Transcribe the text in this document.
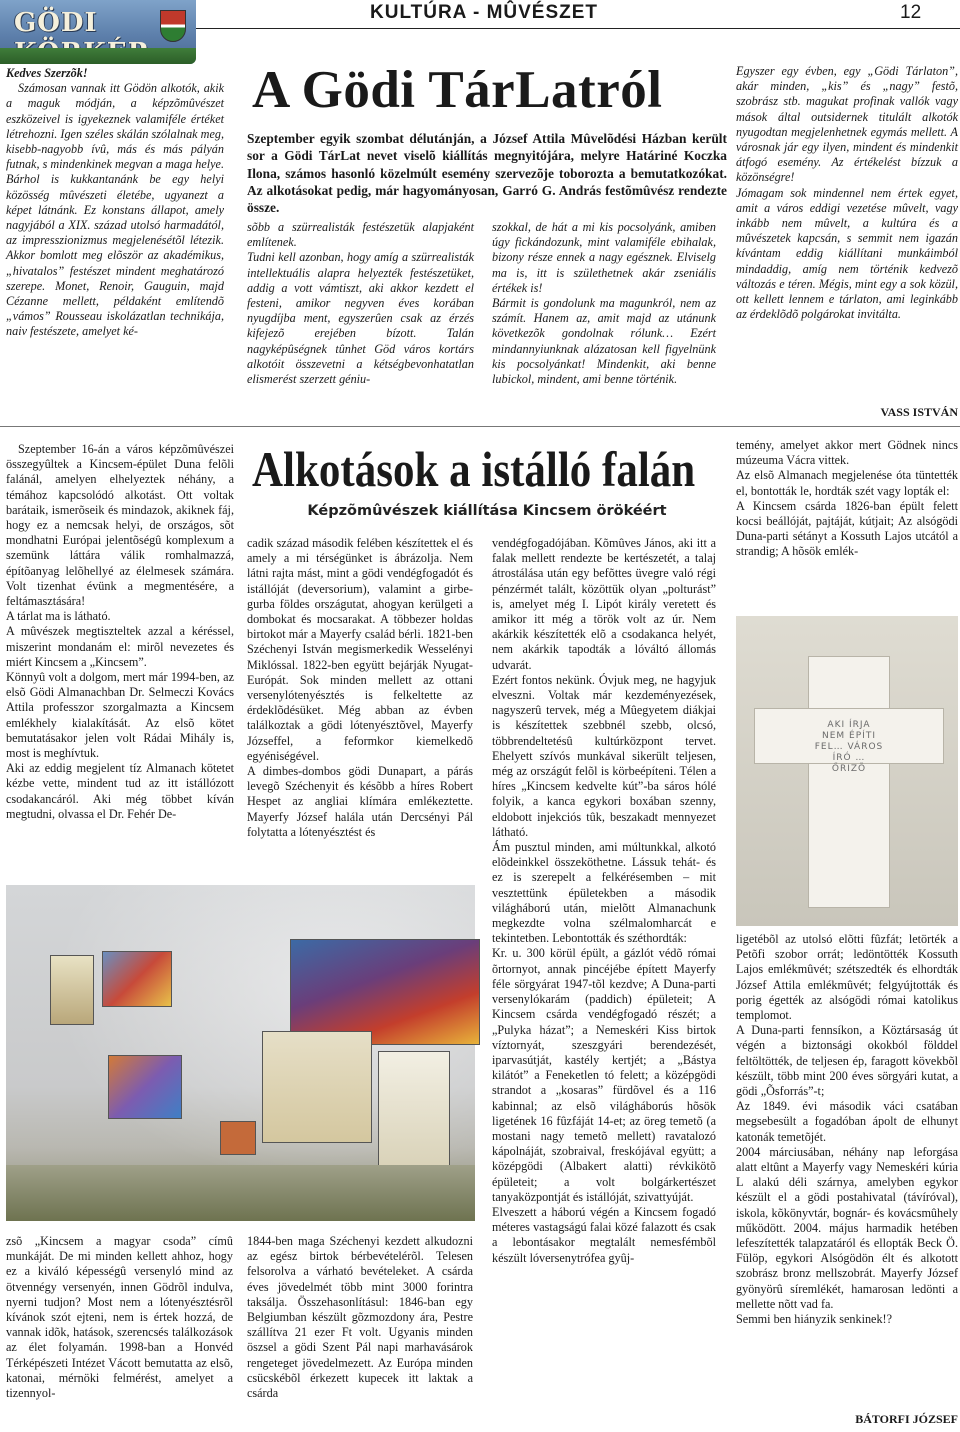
GÖDI	KULTÚRA - MÛVÉSZET	12

Kedves Szerzõk!

Számosan vannak itt Gödön alkotók, akik a maguk módján, a képzõmûvészet eszközeivel is igyekeznek valamiféle értéket létrehozni. Igen széles skálán szólalnak meg, kisebb-nagyobb ívû, más és más pályán futnak, s mindenkinek megvan a maga helye. Bárhol is kukkantanánk be egy helyi közösség mûvészeti életébe, ugyanezt a képet látnánk. Ez konstans állapot, amely nagyjából a XIX. század utolsó harmadától, az impresszionizmus megjelenésétõl létezik. Akkor bomlott meg elõször az akadémikus, „hivatalos” festészet mindent meghatározó szerepe. Monet, Renoir, Gauguin, majd Cézanne mellett, példaként említendõ „vámos” Rousseau iskolázatlan technikája, naiv festészete, amelyet ké-

A Gödi TárLatról
Szeptember egyik szombat délutánján, a József Attila Mûvelõdési Házban került sor a Gödi TárLat nevet viselõ kiállítás megnyitójára, melyre Határiné Koczka Ilona, számos hasonló közelmúlt esemény szervezõje toborozta a bemutatkozókat. Az alkotásokat pedig, már hagyományosan, Garró G. András festõmûvész rendezte össze.

sõbb a szürrealisták festészetük alapjaként említenek.
Tudni kell azonban, hogy amíg a szürrealisták intellektuális alapra helyezték festészetüket, addig a vott vámtiszt, aki akkor kezdett el festeni, amikor negyven éves korában nyugdíjba ment, egyszerûen csak az érzés kifejezõ erejében bízott. Talán nagyképûségnek tûnhet Göd város kortárs alkotóit összevetni a kétségbevonhatatlan elismerést szerzett géniu-

szokkal, de hát a mi kis pocsolyánk, amiben úgy fickándozunk, mint valamiféle ebihalak, bizony része ennek a nagy egésznek. Elviselg ma is, itt is születhetnek akár zseniális értékek is!
Bármit is gondolunk ma magunkról, nem az számít. Hanem az, amit majd az utánunk következõk gondolnak rólunk… Ezért mindannyiunknak alázatosan kell figyelnünk kis pocsolyánkat! Mindenkit, aki benne lubickol, mindent, ami benne történik.

Egyszer egy évben, egy „Gödi Tárlaton”, akár minden, „kis” és „nagy” festõ, szobrász stb. magukat profinak vallók vagy mások által outsidernek titulált alkotók nyugodtan megjelenhetnek egymás mellett. A városnak jár egy ilyen, mindent és mindenkit átfogó esemény. Az értékelést bízzuk a közönségre!
Jómagam sok mindennel nem értek egyet, amit a város eddigi vezetése mûvelt, vagy inkább nem mûvelt, a kultúra és a mûvészetek kapcsán, s semmit nem igazán kívántam eddig kiállítani munkáimból mindaddig, amíg nem történik kedvezõ változás e téren. Mégis, mint egy a sok közül, ott kellett lennem e tárlaton, ami leginkább az érdeklõdõ polgárokat invitálta.

VASS ISTVÁN

Szeptember 16-án a város képzõmûvészei összegyûltek a Kincsem-épület Duna felõli falánál, amelyen elhelyeztek néhány, a témához kapcsolódó alkotást. Ott voltak barátaik, ismerõseik és mindazok, akiknek fáj, hogy ez a nemcsak helyi, de országos, sõt mondhatni Európai jelentõségû komplexum a szemünk láttára válik romhalmazzá, építõanyag lelõhellyé az élelmesek számára. Volt tizenhat évünk a megmentésére, a feltámasztására!
A tárlat ma is látható.
A mûvészek megtiszteltek azzal a kéréssel, miszerint mondanám el: mirõl nevezetes és miért Kincsem a „Kincsem”.
Könnyû volt a dolgom, mert már 1994-ben, az elsõ Gödi Almanachban Dr. Selmeczi Kovács Attila professzor szorgalmazta a Kincsem emlékhely kialakítását. Az elsõ kötet bemutatásakor jelen volt Rádai Mihály is, most is meghívtuk.
Aki az eddig megjelent tíz Almanach kötetet kézbe vette, mindent tud az itt istállózott csodakancáról. Aki még többet kíván megtudni, olvassa el Dr. Fehér De-

Alkotások a istálló falán
Képzõmûvészek kiállítása Kincsem örökéért

cadik század második felében készítettek el és amely a mi térségünket is ábrázolja. Nem látni rajta mást, mint a gödi vendégfogadót és istállóját (deversorium), valamint a girbe-gurba földes országutat, ahogyan kerülgeti a dombokat és mocsarakat. A többezer holdas birtokot már a Mayerfy család bérli. 1821-ben Széchenyi István megismerkedik Wesselényi Miklóssal. 1822-ben együtt bejárják Nyugat-Európát. Sok minden mellett az ottani versenylótenyésztés is felkeltette az érdeklõdésüket. Még abban az évben találkoztak a gödi lótenyésztõvel, Mayerfy Józseffel, a feformkor kiemelkedõ egyéniségével.
A dimbes-dombos gödi Dunapart, a párás levegõ Széchenyit és késõbb a híres Robert Hespet az angliai klímára emlékeztette. Mayerfy József halála után Dercsényi Pál folytatta a lótenyésztést és

vendégfogadójában. Kõmûves János, aki itt a falak mellett rendezte be kertészetét, a talaj átrostálása után egy befõttes üvegre való régi pénzérmét talált, közöttük olyan „polturást” is, amelyet még I. Lipót király veretett és amikor itt még a török volt az úr. Nem akárkik készítették elõ a csodakancа helyét, nem akárkik tapodták a lóváltó állomás udvarát.
Ezért fontos nekünk. Óvjuk meg, ne hagyjuk elveszni. Voltak már kezdeményezések, nagyszerû tervek, még a Mûegyetem diákjai is készítettek szebbnél szebb, olcsó, többrendeltetésû kultúrközpont tervet. Ehelyett szívós munkával sikerült teljesen, még az országút felõl is körbeépíteni. Télen a híres „Kincsem kedvelte kút”-ba sáros hólé folyik, a kanca egykori boxában szenny, eldobott injekciós tûk, beszakadt mennyezet látható.
Ám pusztul minden, ami múltunkkal, alkotó elõdeinkkel összeköthetne. Lássuk tehát- és ez is szerepelt a felkérésemben – mit vesztettünk épületekben a második világháború után, mielõtt Almanachunk megkezdte volna szélmalomharcát e tekintetben. Lebontották és széthordták:
Kr. u. 300 körül épült, a gázlót védõ római õrtornyot, annak pincéjébe épített Mayerfy féle sörgyárat 1947-tõl kezdve; A Duna-parti versenylókarám (paddich) épületeit; A Kincsem csárda vendégfogadó részét; a „Pulyka házat”; a Nemeskéri Kiss birtok víztornyát, szeszgyári berendezését, iparvasútját, kastély kertjét; a „Bástya kilátót” a Feneketlen tó felett; a középgödi strandot a „kosaras” fürdõvel és a 116 kabinnal; az elsõ világháborús hõsök ligetének 16 fûzfáját 14-et; az öreg temetõ (a mostani nagy temetõ mellett) ravatalozó kápolnáját, szobraival, freskójával együtt; a középgödi (Albakert alatti) révkikötõ épületeit; a volt bolgárkertészet tanyaközpontját és istállóját, szivattyúját.
Elveszett a háború végén a Kincsem fogadó méteres vastagságú falai közé falazott és csak a lebontásakor megtalált nemesfémbõl készült lóversenytrófea gyûj-

temény, amelyet akkor mert Gödnek nincs múzeuma Vácra vittek.
Az elsõ Almanach megjelenése óta tüntették el, bontották le, hordták szét vagy lopták el:
A Kincsem csárda 1826-ban épült felett kocsi beállóját, pajtáját, kútjait; Az alsógödi Duna-parti sétányt a Kossuth Lajos utcától a strandig; A hõsök emlék-

zsõ „Kincsem a magyar csoda” címû munkáját. De mi minden kellett ahhoz, hogy ez a kiváló képességû versenyló mind az ötvennégy versenyén, innen Gödrõl indulva, nyerni tudjon? Most nem a lótenyésztésrõl kívánok szót ejteni, nem is értek hozzá, de vannak idõk, hatások, szerencsés találkozások az élet folyamán. 1998-ban a Honvéd Térképészeti Intézet Vácott bemutatta az elsõ, katonai, mérnöki felmérést, amelyet a tizennyol-

1844-ben maga Széchenyi kezdett alkudozni az egész birtok bérbevételérõl. Telesen felsorolva a várható bevételeket. A csárda éves jövedelmét több mint 3000 forintra taksálja. Összehasonlításul: 1846-ban egy Belgiumban készült gõzmozdony ára, Pestre szállítva 21 ezer Ft volt. Ugyanis minden öszsel a gödi Szent Pál napi marhavásárok rengeteget jövedelmezett. Az Európa minden csücskébõl érkezett kupecek itt laktak a csárda

AKI ÍRJA NEM ÉPÍTI FEL… VÁROS ÍRÓ … ŐRIZÕ

ligetébõl az utolsó elõtti fûzfát; letörték a Petõfi szobor orrát; ledöntötték Kossuth Lajos emlékmûvét; szétszedték és elhordták József Attila emlékmûvét; felgyújtották és porig égették az alsógödi római katolikus templomot.
A Duna-parti fennsíkon, a Köztársaság út végén a biztonsági okokból földdel feltöltötték, de teljesen ép, faragott kövekbõl készült, több mint 200 éves sörgyári kutat, a gödi „Õsforrás”-t;
Az 1849. évi második váci csatában megsebesült a fogadóban ápolt de elhunyt katonák temetõjét.
2004 márciusában, néhány nap leforgása alatt eltûnt a Mayerfy vagy Nemeskéri kúria L alakú déli szárnya, amelyben egykor készült el a gödi postahivatal (távíróval), iskola, kõkönyvtár, bognár- és kovácsmûhely működött. 2004. május harmadik hetében lefeszítették talapzatáról és ellopták Beck Ö. Fülöp, egykori Alsógödön élt és alkotott szobrász bronz mellszobrát. Mayerfy József gyönyörû síremlékét, hamarosan ledönti a mellette nõtt vad fa.
Semmi ben hiányzik senkinek!?

BÁTORFI JÓZSEF
